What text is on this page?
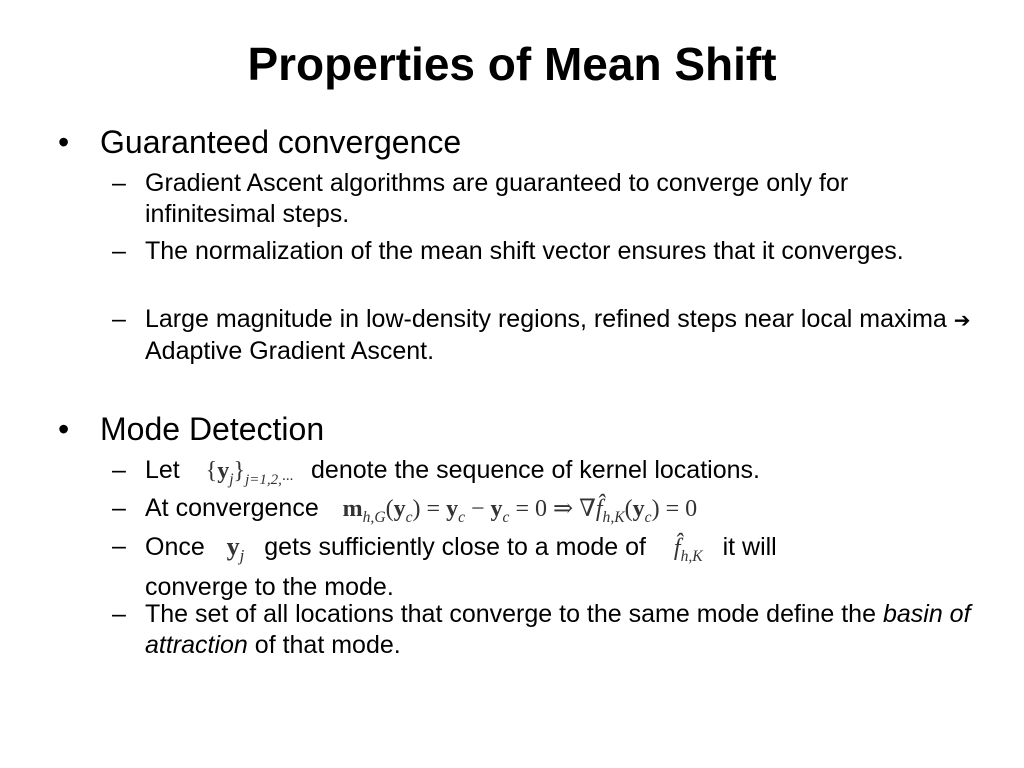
Properties of Mean Shift
• Guaranteed convergence
– Gradient Ascent algorithms are guaranteed to converge only for infinitesimal steps.
– The normalization of the mean shift vector ensures that it converges.
– Large magnitude in low-density regions, refined steps near local maxima ➔ Adaptive Gradient Ascent.
• Mode Detection
– Let $\{y_j\}_{j=1,2,\cdot\cdot\cdot}$ denote the sequence of kernel locations.
– At convergence $m_{h,G}(y_c) = y_c - y_c = 0$ ⇒ $\nabla f̂_{h,K}(y_c) = 0$
– Once $y_j$ gets sufficiently close to a mode of $f̂_{h,K}$ it will
converge to the mode.
– The set of all locations that converge to the same mode define the basin of attraction of that mode.
